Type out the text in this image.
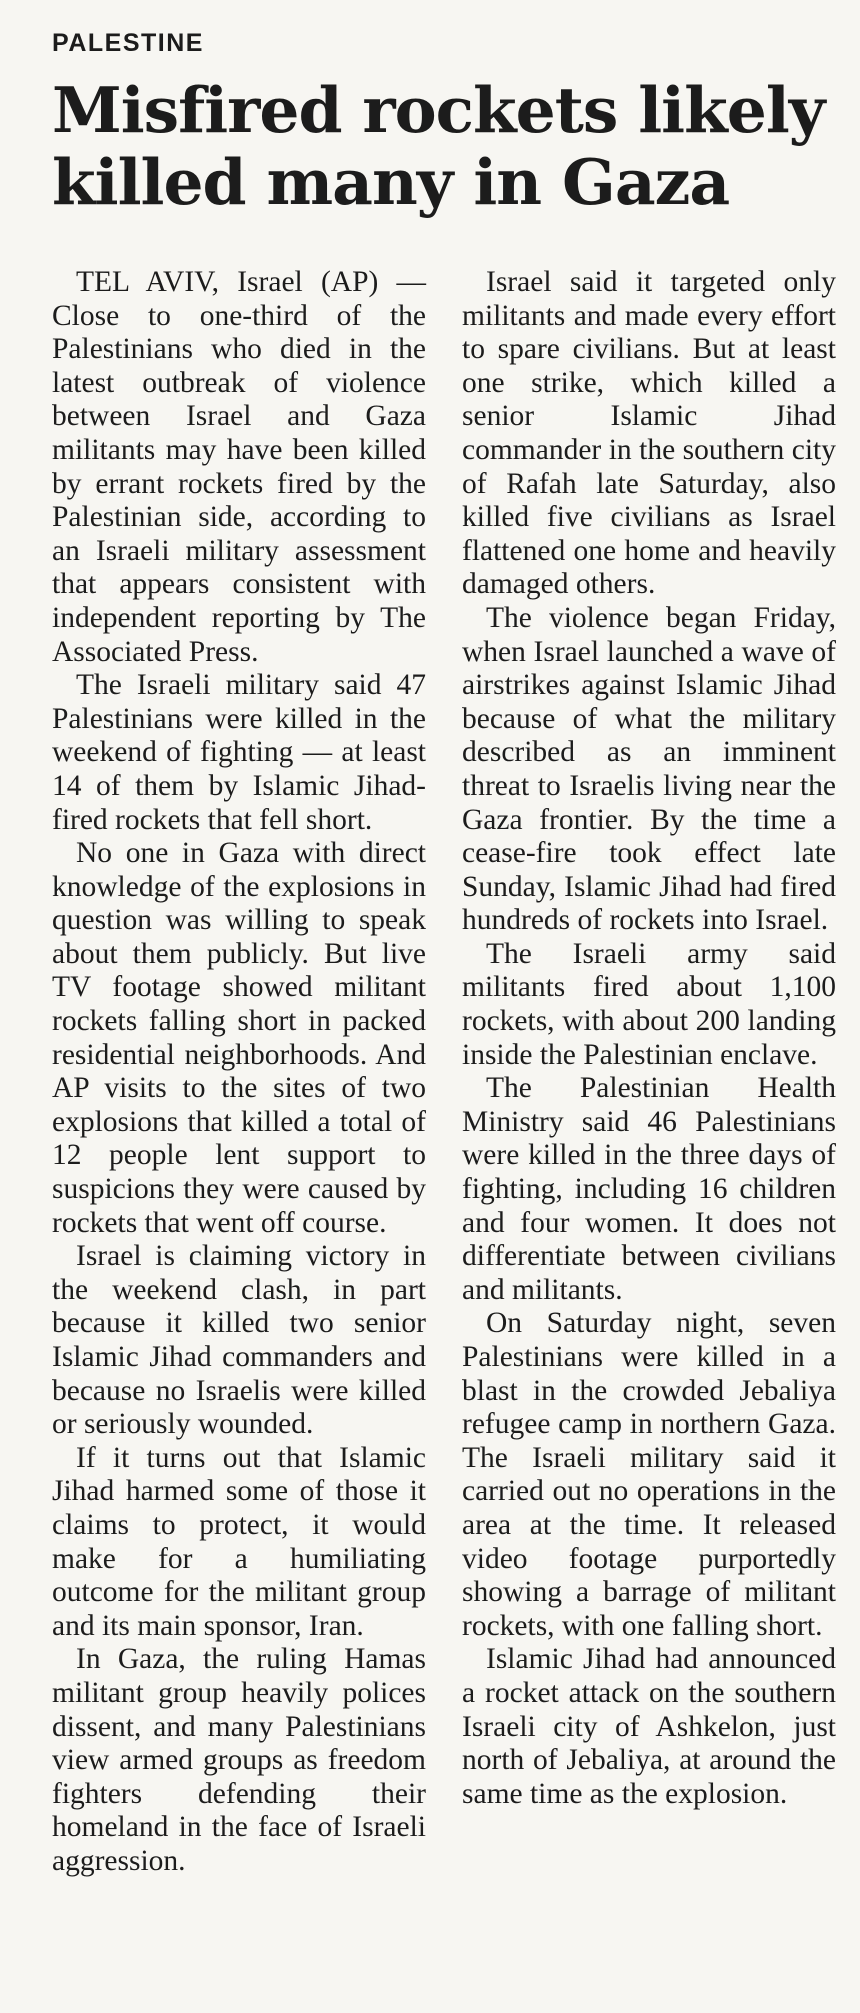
PALESTINE
Misfired rockets likely
killed many in Gaza

TEL AVIV, Israel (AP) — Close to one-third of the Palestinians who died in the latest outbreak of violence between Israel and Gaza militants may have been killed by errant rockets fired by the Palestinian side, according to an Israeli military assessment that appears consistent with independent reporting by The Associated Press.

The Israeli military said 47 Palestinians were killed in the weekend of fighting — at least 14 of them by Islamic Jihad-fired rockets that fell short.

No one in Gaza with direct knowledge of the explosions in question was willing to speak about them publicly. But live TV footage showed militant rockets falling short in packed residential neighborhoods. And AP visits to the sites of two explosions that killed a total of 12 people lent support to suspicions they were caused by rockets that went off course.

Israel is claiming victory in the weekend clash, in part because it killed two senior Islamic Jihad commanders and because no Israelis were killed or seriously wounded.

If it turns out that Islamic Jihad harmed some of those it claims to protect, it would make for a humiliating outcome for the militant group and its main sponsor, Iran.

In Gaza, the ruling Hamas militant group heavily polices dissent, and many Palestinians view armed groups as freedom fighters defending their homeland in the face of Israeli aggression.

Israel said it targeted only militants and made every effort to spare civilians. But at least one strike, which killed a senior Islamic Jihad commander in the southern city of Rafah late Saturday, also killed five civilians as Israel flattened one home and heavily damaged others.

The violence began Friday, when Israel launched a wave of airstrikes against Islamic Jihad because of what the military described as an imminent threat to Israelis living near the Gaza frontier. By the time a cease-fire took effect late Sunday, Islamic Jihad had fired hundreds of rockets into Israel.

The Israeli army said militants fired about 1,100 rockets, with about 200 landing inside the Palestinian enclave.

The Palestinian Health Ministry said 46 Palestinians were killed in the three days of fighting, including 16 children and four women. It does not differentiate between civilians and militants.

On Saturday night, seven Palestinians were killed in a blast in the crowded Jebaliya refugee camp in northern Gaza. The Israeli military said it carried out no operations in the area at the time. It released video footage purportedly showing a barrage of militant rockets, with one falling short.

Islamic Jihad had announced a rocket attack on the southern Israeli city of Ashkelon, just north of Jebaliya, at around the same time as the explosion.
